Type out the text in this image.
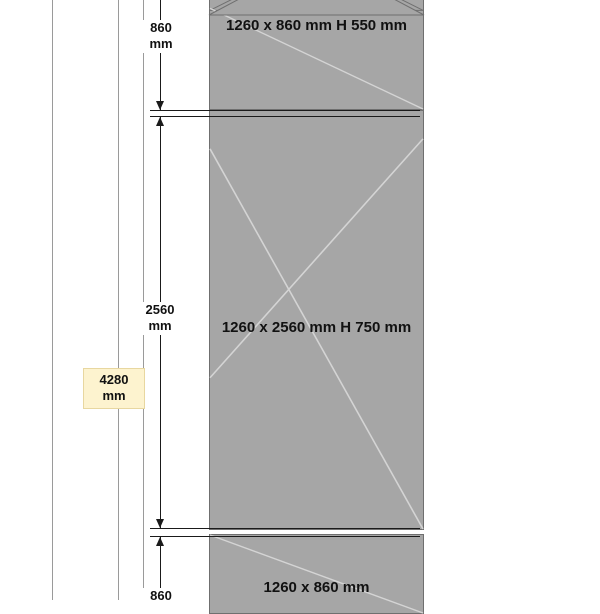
1260 x 860 mm H 550 mm
1260 x 2560 mm H 750 mm
1260 x 860 mm
860
mm
2560
mm
860
4280
mm
